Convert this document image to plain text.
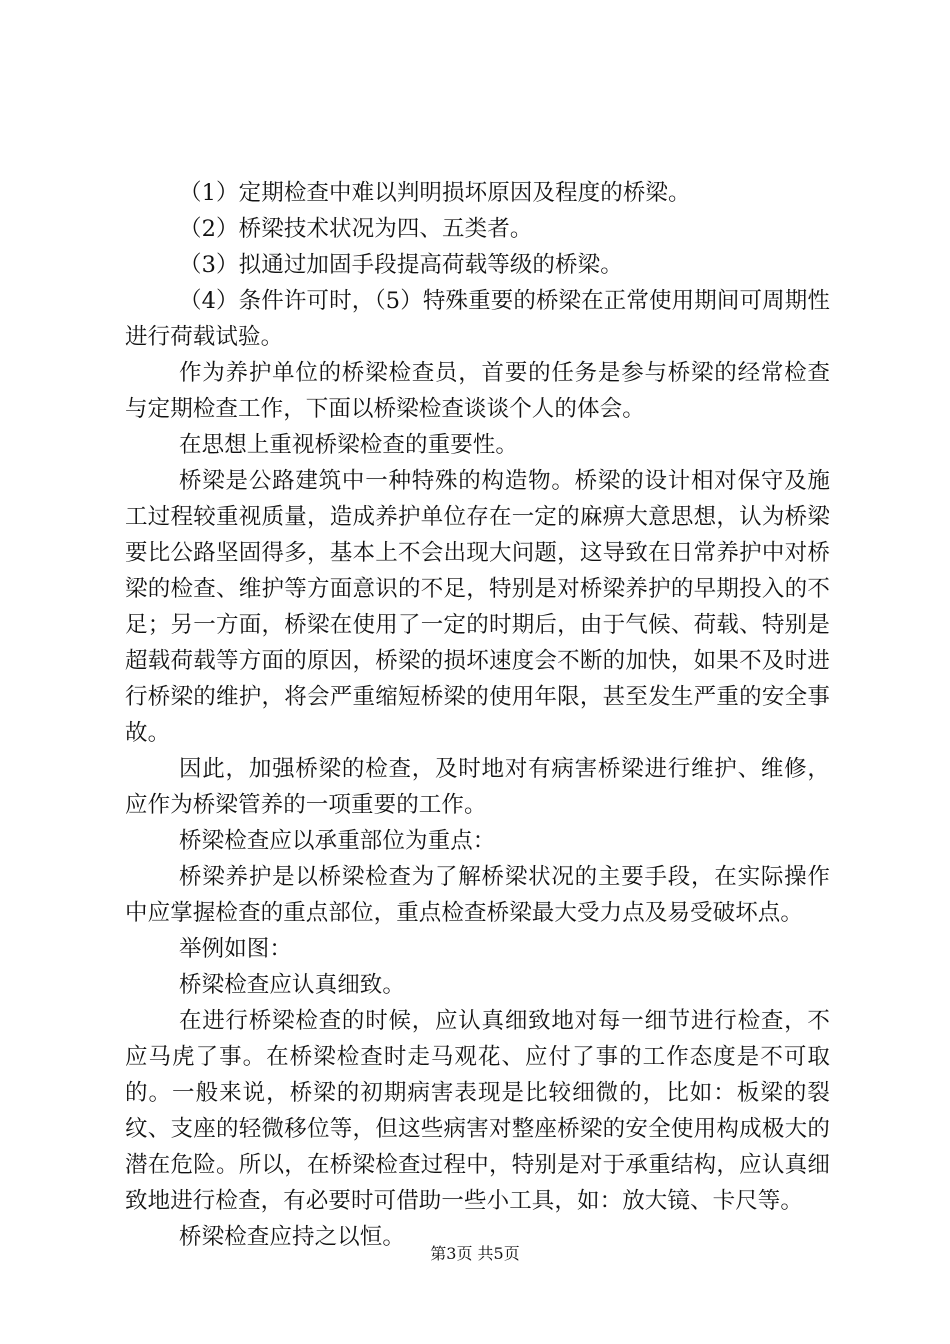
（1）定期检查中难以判明损坏原因及程度的桥梁。

（2）桥梁技术状况为四、五类者。

（3）拟通过加固手段提高荷载等级的桥梁。

（4）条件许可时，（5）特殊重要的桥梁在正常使用期间可周期性进行荷载试验。

作为养护单位的桥梁检查员，首要的任务是参与桥梁的经常检查与定期检查工作，下面以桥梁检查谈谈个人的体会。

在思想上重视桥梁检查的重要性。

桥梁是公路建筑中一种特殊的构造物。桥梁的设计相对保守及施工过程较重视质量，造成养护单位存在一定的麻痹大意思想，认为桥梁要比公路坚固得多，基本上不会出现大问题，这导致在日常养护中对桥梁的检查、维护等方面意识的不足，特别是对桥梁养护的早期投入的不足；另一方面，桥梁在使用了一定的时期后，由于气候、荷载、特别是超载荷载等方面的原因，桥梁的损坏速度会不断的加快，如果不及时进行桥梁的维护，将会严重缩短桥梁的使用年限，甚至发生严重的安全事故。

因此，加强桥梁的检查，及时地对有病害桥梁进行维护、维修，应作为桥梁管养的一项重要的工作。

桥梁检查应以承重部位为重点：

桥梁养护是以桥梁检查为了解桥梁状况的主要手段，在实际操作中应掌握检查的重点部位，重点检查桥梁最大受力点及易受破坏点。

举例如图：

桥梁检查应认真细致。

在进行桥梁检查的时候，应认真细致地对每一细节进行检查，不应马虎了事。在桥梁检查时走马观花、应付了事的工作态度是不可取的。一般来说，桥梁的初期病害表现是比较细微的，比如：板梁的裂纹、支座的轻微移位等，但这些病害对整座桥梁的安全使用构成极大的潜在危险。所以，在桥梁检查过程中，特别是对于承重结构，应认真细致地进行检查，有必要时可借助一些小工具，如：放大镜、卡尺等。

桥梁检查应持之以恒。

第3页 共5页
